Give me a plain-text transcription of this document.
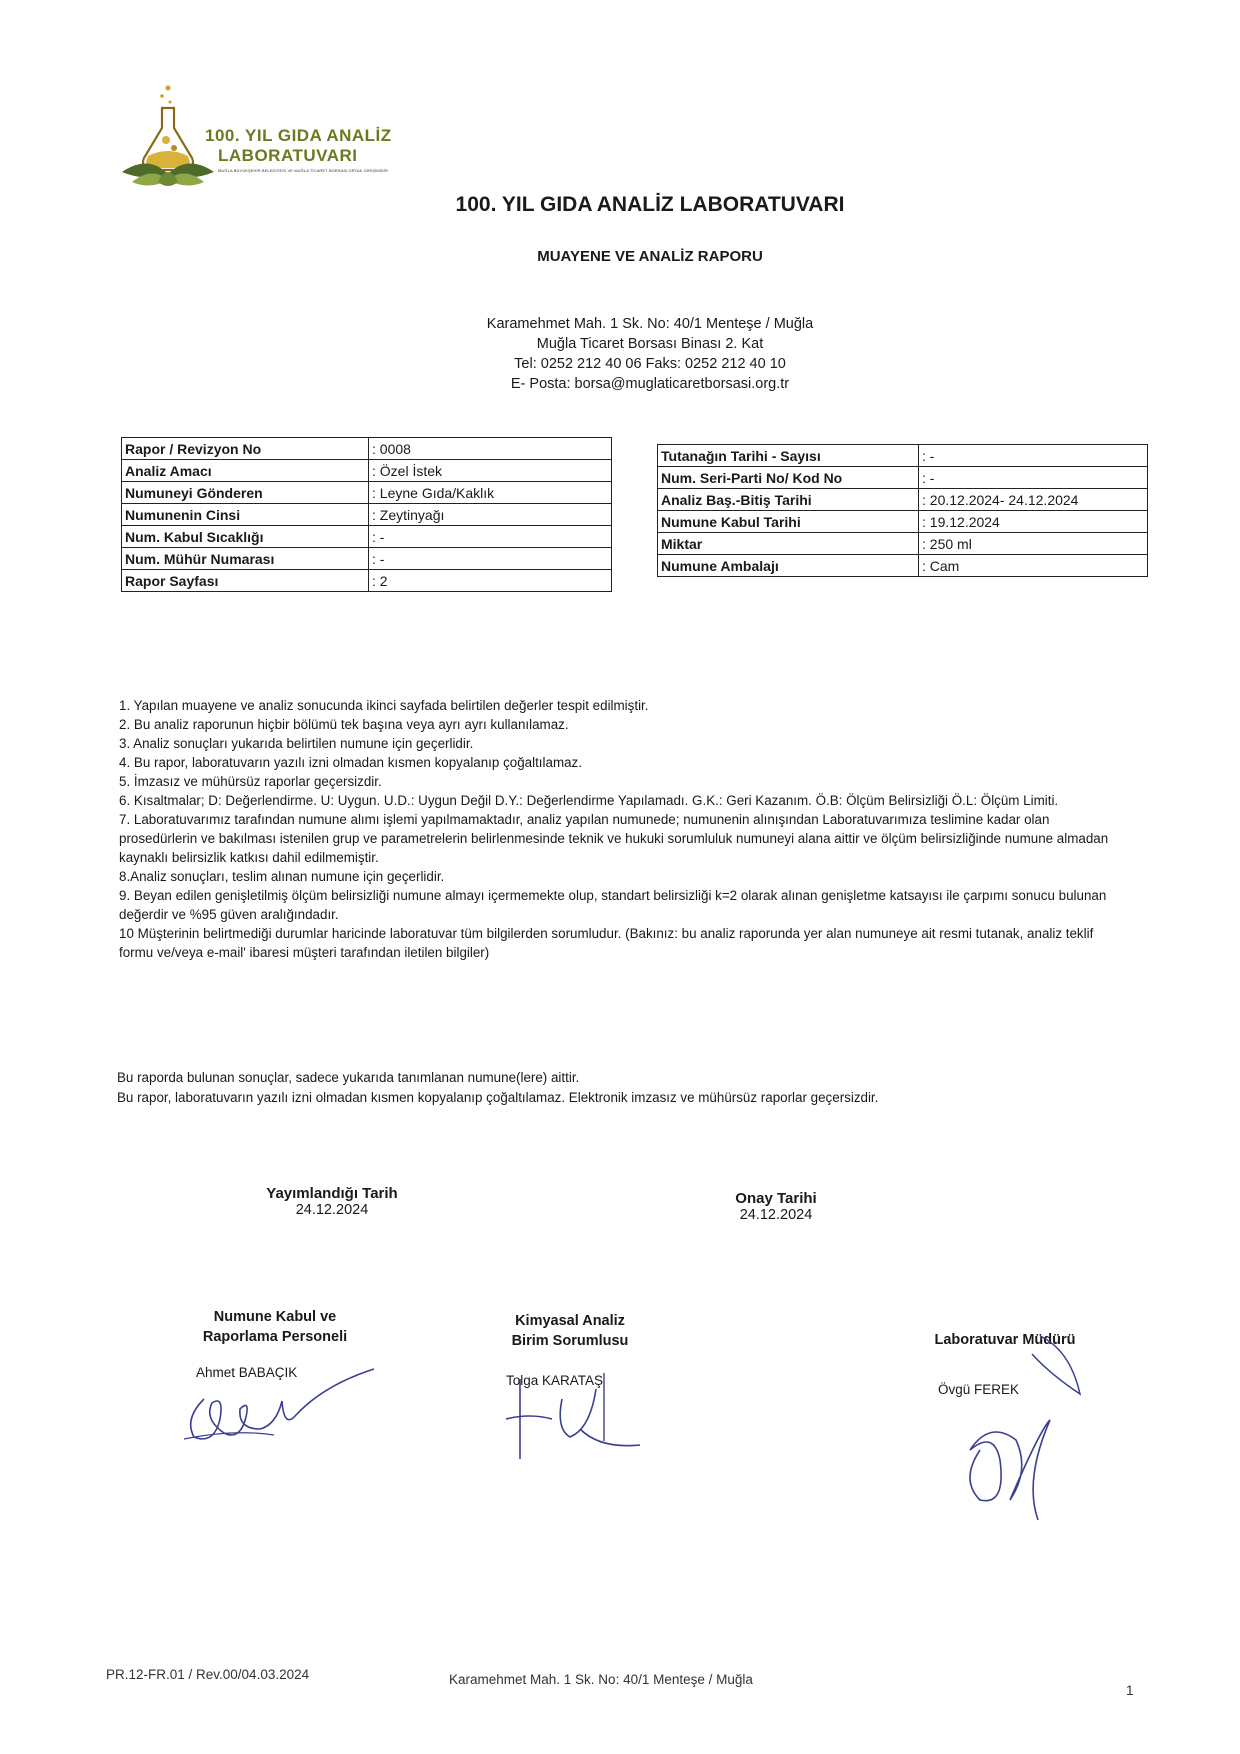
100. YIL GIDA ANALİZ
LABORATUVARI
MUĞLA BÜYÜKŞEHİR BELEDİYESİ VE MUĞLA TİCARET BORSASI ORTAK GİRİŞİMİDİR
100. YIL GIDA ANALİZ LABORATUVARI
MUAYENE VE ANALİZ RAPORU
Karamehmet Mah. 1 Sk. No: 40/1 Menteşe / Muğla
Muğla Ticaret Borsası Binası 2. Kat
Tel: 0252 212 40 06 Faks: 0252 212 40 10
E- Posta: borsa@muglaticaretborsasi.org.tr
Rapor / Revizyon No	: 0008
Analiz Amacı	: Özel İstek
Numuneyi Gönderen	: Leyne Gıda/Kaklık
Numunenin Cinsi	: Zeytinyağı
Num. Kabul Sıcaklığı	: -
Num. Mühür Numarası	: -
Rapor Sayfası	: 2
Tutanağın Tarihi - Sayısı	: -
Num. Seri-Parti No/ Kod No	: -
Analiz Baş.-Bitiş Tarihi	: 20.12.2024- 24.12.2024
Numune Kabul Tarihi	: 19.12.2024
Miktar	: 250 ml
Numune Ambalajı	: Cam
1. Yapılan muayene ve analiz sonucunda ikinci sayfada belirtilen değerler tespit edilmiştir.
2. Bu analiz raporunun hiçbir bölümü tek başına veya ayrı ayrı kullanılamaz.
3. Analiz sonuçları yukarıda belirtilen numune için geçerlidir.
4. Bu rapor, laboratuvarın yazılı izni olmadan kısmen kopyalanıp çoğaltılamaz.
5. İmzasız ve mühürsüz raporlar geçersizdir.
6. Kısaltmalar; D: Değerlendirme. U: Uygun. U.D.: Uygun Değil D.Y.: Değerlendirme Yapılamadı. G.K.: Geri Kazanım. Ö.B: Ölçüm Belirsizliği Ö.L: Ölçüm Limiti.
7. Laboratuvarımız tarafından numune alımı işlemi yapılmamaktadır, analiz yapılan numunede; numunenin alınışından Laboratuvarımıza teslimine kadar olan prosedürlerin ve bakılması istenilen grup ve parametrelerin belirlenmesinde teknik ve hukuki sorumluluk numuneyi alana aittir ve ölçüm belirsizliğinde numune almadan kaynaklı belirsizlik katkısı dahil edilmemiştir.
8.Analiz sonuçları, teslim alınan numune için geçerlidir.
9. Beyan edilen genişletilmiş ölçüm belirsizliği numune almayı içermemekte olup, standart belirsizliği k=2 olarak alınan genişletme katsayısı ile çarpımı sonucu bulunan değerdir ve %95 güven aralığındadır.
10 Müşterinin belirtmediği durumlar haricinde laboratuvar tüm bilgilerden sorumludur. (Bakınız: bu analiz raporunda yer alan numuneye ait resmi tutanak, analiz teklif formu ve/veya e-mail' ibaresi müşteri tarafından iletilen bilgiler)
Bu raporda bulunan sonuçlar, sadece yukarıda tanımlanan numune(lere) aittir.
Bu rapor, laboratuvarın yazılı izni olmadan kısmen kopyalanıp çoğaltılamaz. Elektronik imzasız ve mühürsüz raporlar geçersizdir.
Yayımlandığı Tarih
24.12.2024
Onay Tarihi
24.12.2024
Numune Kabul ve
Raporlama Personeli
Ahmet BABAÇIK
Kimyasal Analiz
Birim Sorumlusu
Tolga KARATAŞ
Laboratuvar Müdürü
Övgü FEREK
PR.12-FR.01 / Rev.00/04.03.2024	Karamehmet Mah. 1 Sk. No: 40/1 Menteşe / Muğla
1
